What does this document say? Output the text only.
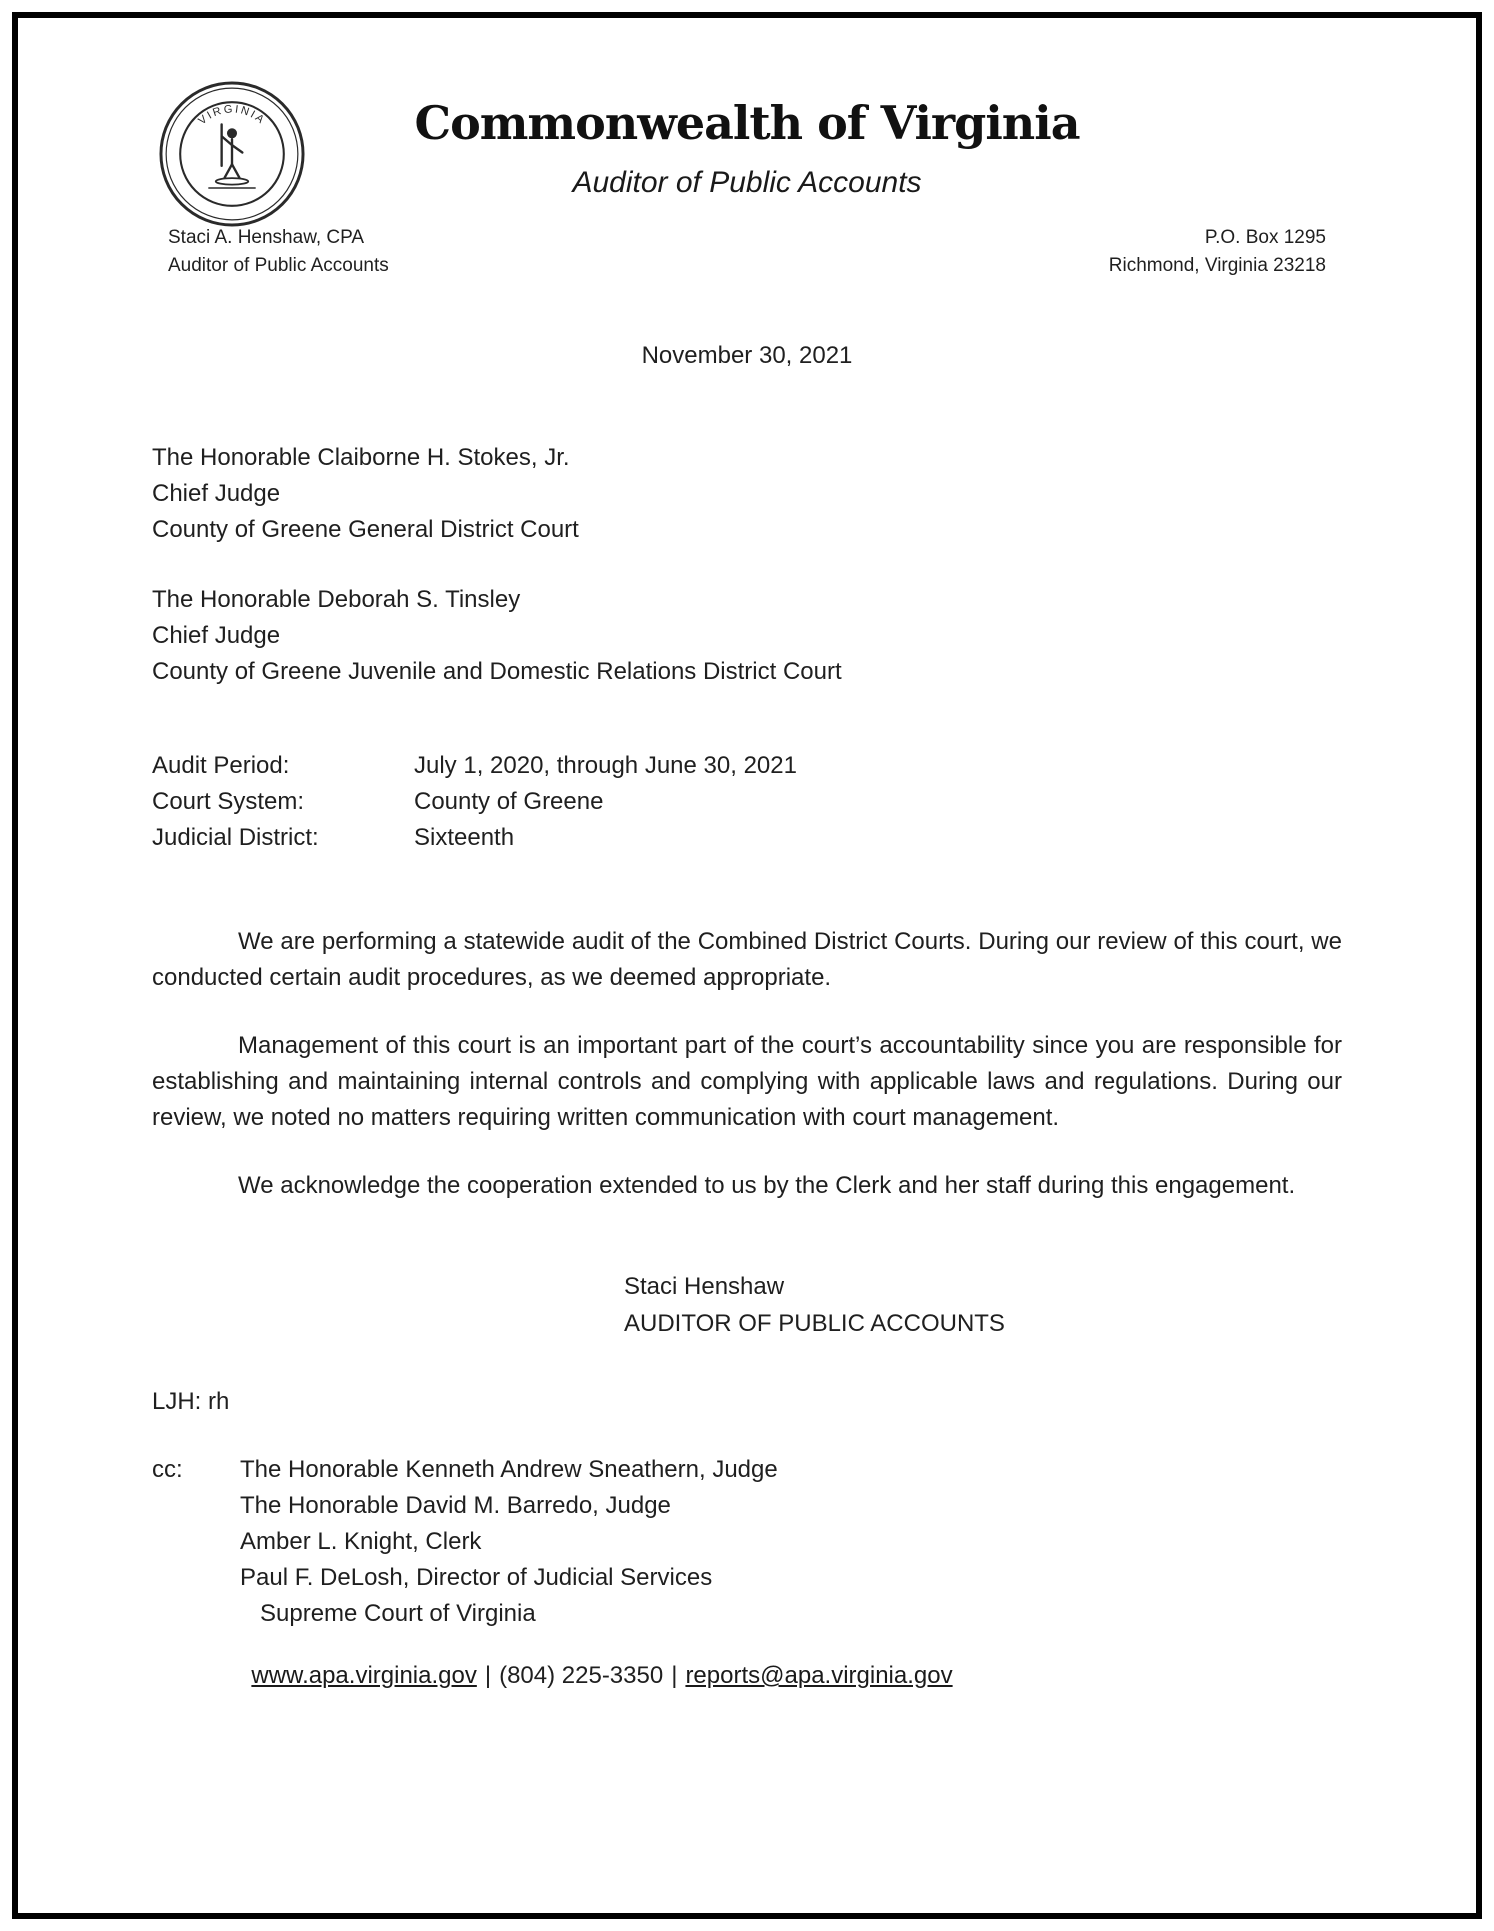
VIRGINIA	Commonwealth of Virginia
Auditor of Public Accounts
Staci A. Henshaw, CPA
Auditor of Public Accounts
P.O. Box 1295
Richmond, Virginia 23218
November 30, 2021
The Honorable Claiborne H. Stokes, Jr.
Chief Judge
County of Greene General District Court
The Honorable Deborah S. Tinsley
Chief Judge
County of Greene Juvenile and Domestic Relations District Court
Audit Period:	July 1, 2020, through June 30, 2021
Court System:	County of Greene
Judicial District:	Sixteenth

We are performing a statewide audit of the Combined District Courts. During our review of this court, we conducted certain audit procedures, as we deemed appropriate.

Management of this court is an important part of the court’s accountability since you are responsible for establishing and maintaining internal controls and complying with applicable laws and regulations. During our review, we noted no matters requiring written communication with court management.

We acknowledge the cooperation extended to us by the Clerk and her staff during this engagement.

Staci Henshaw
AUDITOR OF PUBLIC ACCOUNTS
LJH: rh
cc:	The Honorable Kenneth Andrew Sneathern, Judge
The Honorable David M. Barredo, Judge
Amber L. Knight, Clerk
Paul F. DeLosh, Director of Judicial Services
Supreme Court of Virginia
www.apa.virginia.gov | (804) 225-3350 | reports@apa.virginia.gov
